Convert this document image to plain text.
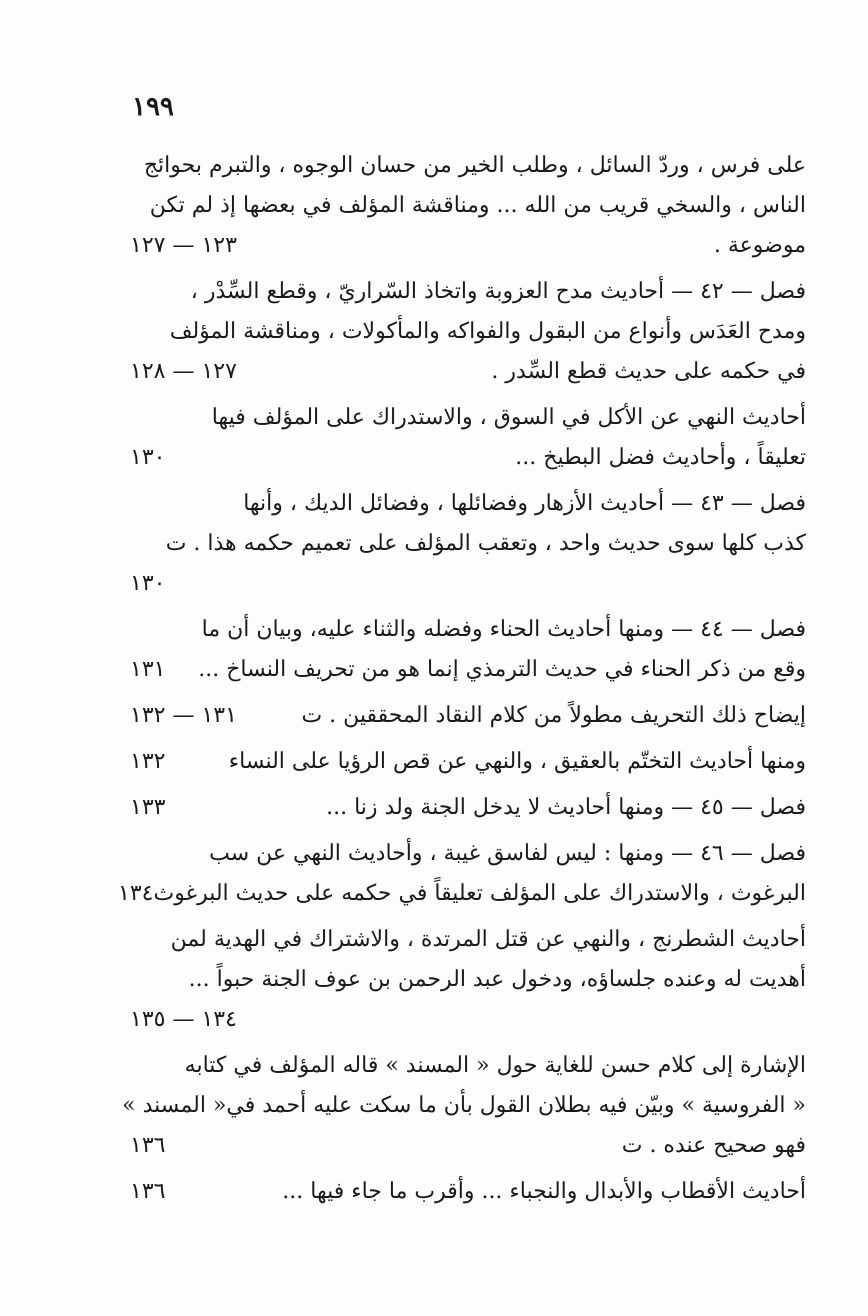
١٩٩
على فرس ، وردّ السائل ، وطلب الخير من حسان الوجوه ، والتبرم بحوائج
الناس ، والسخي قريب من الله ... ومناقشة المؤلف في بعضها إذ لم تكن
موضوعة .
١٢٣ — ١٢٧
فصل — ٤٢ — أحاديث مدح العزوبة واتخاذ السّراريّ ، وقطع السِّدْر ،
ومدح العَدَس وأنواع من البقول والفواكه والمأكولات ، ومناقشة المؤلف
في حكمه على حديث قطع السِّدر .
١٢٧ — ١٢٨
أحاديث النهي عن الأكل في السوق ، والاستدراك على المؤلف فيها
تعليقاً ، وأحاديث فضل البطيخ ...
١٣٠
فصل — ٤٣ — أحاديث الأزهار وفضائلها ، وفضائل الديك ، وأنها
كذب كلها سوى حديث واحد ، وتعقب المؤلف على تعميم حكمه هذا . ت
١٣٠
فصل — ٤٤ — ومنها أحاديث الحناء وفضله والثناء عليه، وبيان أن ما
وقع من ذكر الحناء في حديث الترمذي إنما هو من تحريف النساخ ...
١٣١
إيضاح ذلك التحريف مطولاً من كلام النقاد المحققين . ت
١٣١ — ١٣٢
ومنها أحاديث التختّم بالعقيق ، والنهي عن قص الرؤيا على النساء
١٣٢
فصل — ٤٥ — ومنها أحاديث لا يدخل الجنة ولد زنا ...
١٣٣
فصل — ٤٦ — ومنها : ليس لفاسق غيبة ، وأحاديث النهي عن سب
البرغوث ، والاستدراك على المؤلف تعليقاً في حكمه على حديث البرغوث
١٣٤
أحاديث الشطرنج ، والنهي عن قتل المرتدة ، والاشتراك في الهدية لمن
أهديت له وعنده جلساؤه، ودخول عبد الرحمن بن عوف الجنة حبواً ...
١٣٤ — ١٣٥
الإشارة إلى كلام حسن للغاية حول « المسند » قاله المؤلف في كتابه
« الفروسية » وبيّن فيه بطلان القول بأن ما سكت عليه أحمد في« المسند »
فهو صحيح عنده . ت
١٣٦
أحاديث الأقطاب والأبدال والنجباء ... وأقرب ما جاء فيها ...
١٣٦
